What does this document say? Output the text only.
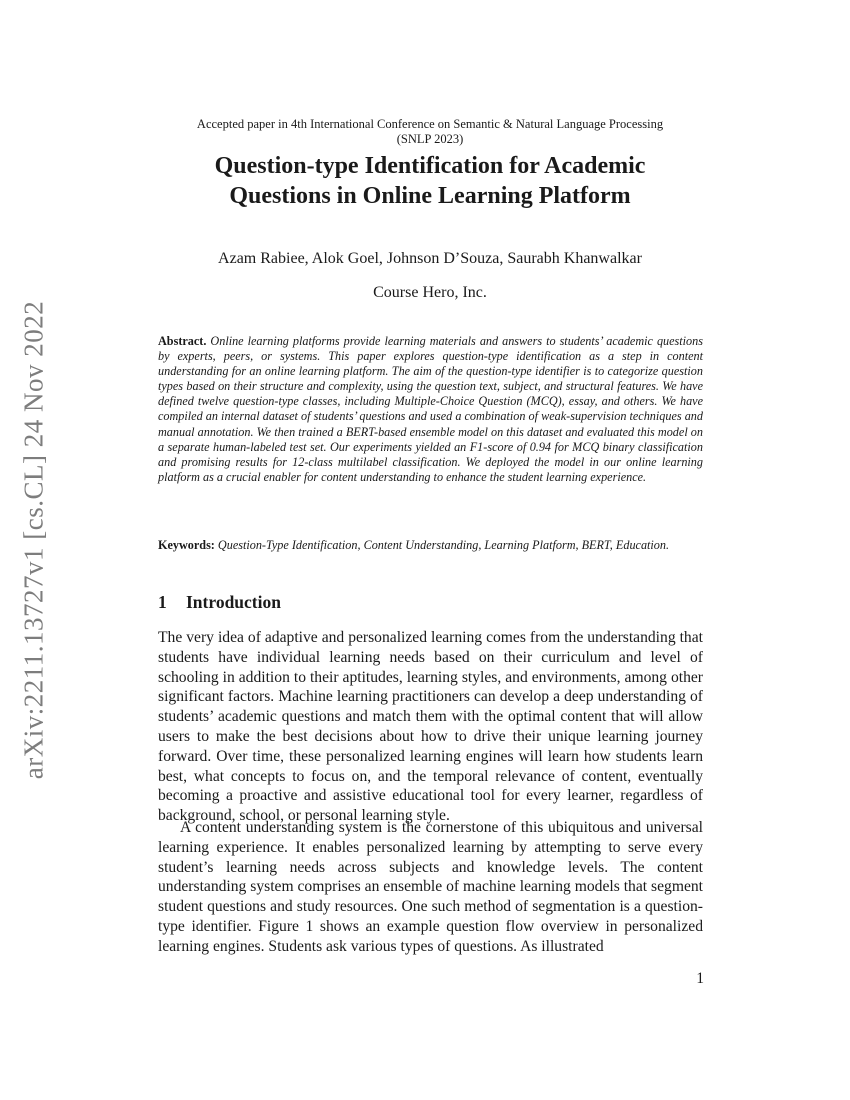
arXiv:2211.13727v1 [cs.CL] 24 Nov 2022
Accepted paper in 4th International Conference on Semantic & Natural Language Processing
(SNLP 2023)
Question-type Identification for Academic
Questions in Online Learning Platform
Azam Rabiee, Alok Goel, Johnson D’Souza, Saurabh Khanwalkar
Course Hero, Inc.
Abstract. Online learning platforms provide learning materials and answers to students’ academic questions by experts, peers, or systems. This paper explores question-type identification as a step in content understanding for an online learning platform. The aim of the question-type identifier is to categorize question types based on their structure and complexity, using the question text, subject, and structural features. We have defined twelve question-type classes, including Multiple-Choice Question (MCQ), essay, and others. We have compiled an internal dataset of students’ questions and used a combination of weak-supervision techniques and manual annotation. We then trained a BERT-based ensemble model on this dataset and evaluated this model on a separate human-labeled test set. Our experiments yielded an F1-score of 0.94 for MCQ binary classification and promising results for 12-class multilabel classification. We deployed the model in our online learning platform as a crucial enabler for content understanding to enhance the student learning experience.
Keywords: Question-Type Identification, Content Understanding, Learning Platform, BERT, Education.
1 Introduction

The very idea of adaptive and personalized learning comes from the understanding that students have individual learning needs based on their curriculum and level of schooling in addition to their aptitudes, learning styles, and environments, among other significant factors. Machine learning practitioners can develop a deep understanding of students’ academic questions and match them with the optimal content that will allow users to make the best decisions about how to drive their unique learning journey forward. Over time, these personalized learning engines will learn how students learn best, what concepts to focus on, and the temporal relevance of content, eventually becoming a proactive and assistive educational tool for every learner, regardless of background, school, or personal learning style.

A content understanding system is the cornerstone of this ubiquitous and universal learning experience. It enables personalized learning by attempting to serve every student’s learning needs across subjects and knowledge levels. The content understanding system comprises an ensemble of machine learning models that segment student questions and study resources. One such method of segmentation is a question-type identifier. Figure 1 shows an example question flow overview in personalized learning engines. Students ask various types of questions. As illustrated

1
